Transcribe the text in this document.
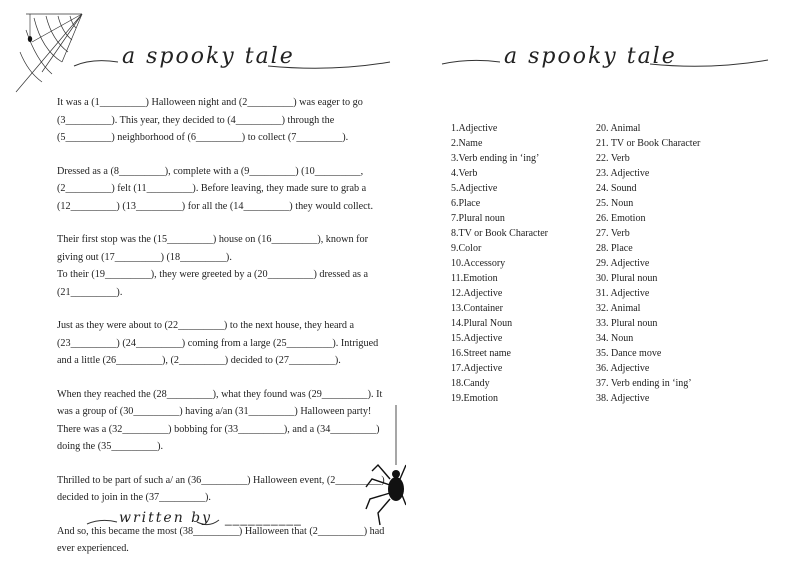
a spooky tale

It was a (1_________) Halloween night and (2_________) was eager to go (3_________). This year, they decided to (4_________) through the (5_________) neighborhood of (6_________) to collect (7_________).

Dressed as a (8_________), complete with a (9_________) (10_________, (2_________) felt (11_________). Before leaving, they made sure to grab a (12_________) (13_________) for all the (14_________) they would collect.

Their first stop was the (15_________) house on (16_________), known for giving out (17_________) (18_________).
To their (19_________), they were greeted by a (20_________) dressed as a (21_________).

Just as they were about to (22_________) to the next house, they heard a (23_________) (24_________) coming from a large (25_________). Intrigued and a little (26_________), (2_________) decided to (27_________).

When they reached the (28_________), what they found was (29_________). It was a group of (30_________) having a/an (31_________) Halloween party! There was a (32_________) bobbing for (33_________), and a (34_________) doing the (35_________).

Thrilled to be part of such a/ an (36_________) Halloween event, (2_________) decided to join in the (37_________).

And so, this became the most (38_________) Halloween that (2_________) had ever experienced.

written by __________
a spooky tale
1.Adjective
2.Name
3.Verb ending in ‘ing’
4.Verb
5.Adjective
6.Place
7.Plural noun
8.TV or Book Character
9.Color
10.Accessory
11.Emotion
12.Adjective
13.Container
14.Plural Noun
15.Adjective
16.Street name
17.Adjective
18.Candy
19.Emotion
20. Animal
21. TV or Book Character
22. Verb
23. Adjective
24. Sound
25. Noun
26. Emotion
27. Verb
28. Place
29. Adjective
30. Plural noun
31. Adjective
32. Animal
33. Plural noun
34. Noun
35. Dance move
36. Adjective
37. Verb ending in ‘ing’
38. Adjective
